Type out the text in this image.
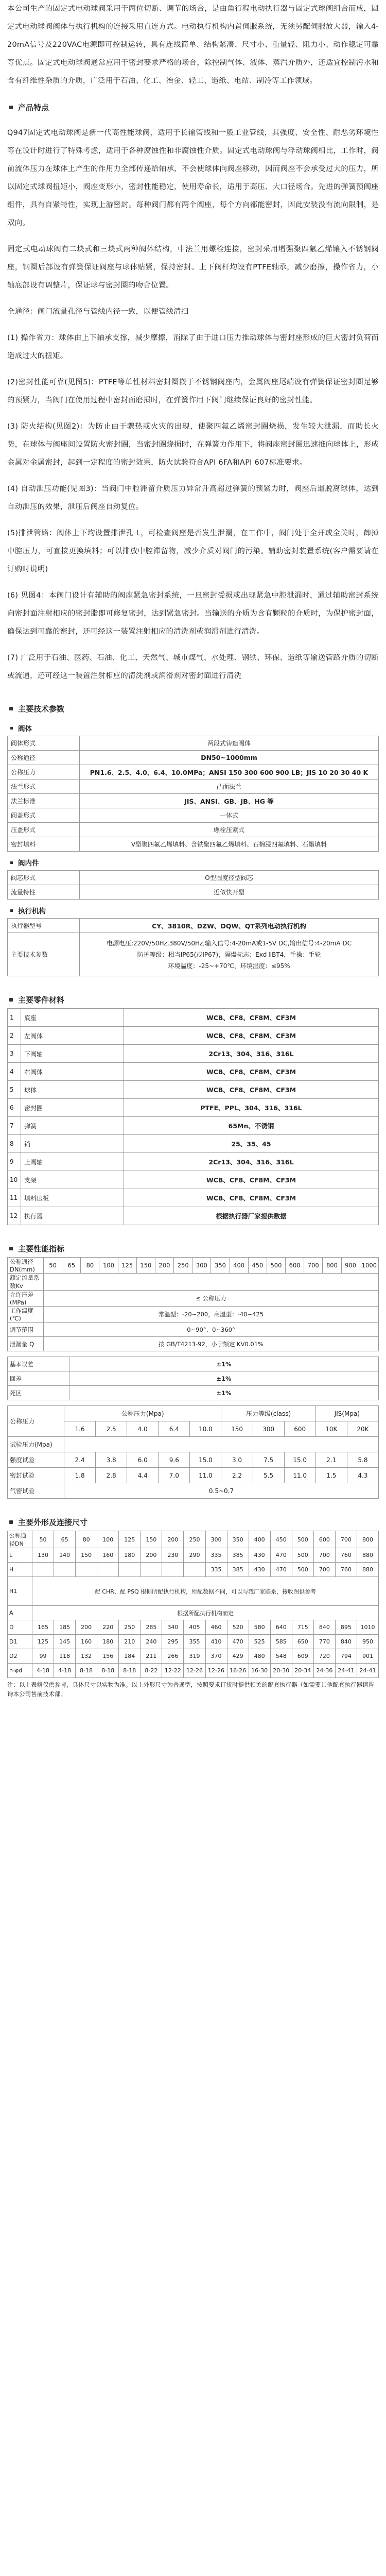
本公司生产的固定式电动球阀采用于两位切断、调节的场合，是由角行程电动执行器与固定式球阀组合而成，固定式电动球阀阀体与执行机构的连接采用直连方式。电动执行机构内置伺服系统，无须另配伺服放大器，输入4-20mA信号及220VAC电源即可控制运转，具有连线简单、结构紧凑、尺寸小、重量轻、阻力小、动作稳定可靠等优点。固定式电动球阀通常应用于密封要求严格的场合，除控制气体、液体、蒸汽介质外，还适宜控制污水和含有纤维性杂质的介质，广泛用于石油、化工、冶金、轻工、造纸、电站、制冷等工作领域。

产品特点

Q947固定式电动球阀是新一代高性能球阀，适用于长输管线和一般工业管线，其强度、安全性、耐恶劣环境性等在设计时进行了特殊考虑，适用于各种腐蚀性和非腐蚀性介质。固定式电动球阀与浮动球阀相比，工作时，阀前流体压力在球体上产生的作用力全部传递给轴承，不会使球体向阀座移动，因而阀座不会承受过大的压力，所以固定式球阀扭矩小，阀座变形小，密封性能稳定，使用寿命长，适用于高压、大口径场合。先进的弹簧预阀座组件，具有自紧特性，实现上游密封。每种阀门都有两个阀座，每个方向都能密封，因此安装没有流向限制，是双向。

固定式电动球阀有二块式和三块式两种阀体结构，中法兰用螺栓连接，密封采用增强聚四氟乙烯镶入不锈钢阀座，钢圈后部设有弹簧保证阀座与球体贴紧，保持密封。上下阀杆均设有PTFE轴承，减少磨擦，操作省力，小轴底部设有调整片，保证球与密封圈的吻合位置。

全通径：阀门流量孔径与管线内径一致，以便管线清扫

(1) 操作省力：球体由上下轴承支撑，减少摩擦，消除了由于进口压力推动球体与密封座形成的巨大密封负荷而造成过大的扭矩。

(2)密封性能可靠(见图5)：PTFE等单性材料密封圈嵌于不锈钢阀座内，金属阀座尾端设有弹簧保证密封圈足够的预紧力，当阀门在使用过程中密封面磨损时，在弹簧作用下阀门继续保证良好的密封性能。

(3) 防火结构(见图2)：为防止由于骤热或火灾的出现，使聚四氟乙烯密封圈烧损，发生较大泄漏，而助长火势，在球体与阀座间设置防火密封圈，当密封圈烧损时，在弹簧力作用下，将阀座密封圈迅速推向球体上，形成金属对金属密封，起到一定程度的密封效果，防火试验符合API 6FA和API 607标准要求。

(4) 自动泄压功能(见图3)：当阀门中腔滞留介质压力异常升高超过弹簧的预紧力时，阀座后退脱离球体，达到自动泄压的效果，泄压后阀座自动复位。

(5)排泄管路：阀体上下均设置排泄孔 L，可检查阀座是否发生泄漏，在工作中，阀门处于全开或全关时，卸掉中腔压力，可直接更换填料；可以排放中腔滞留物，减少介质对阀门的污染。辅助密封装置系统(客户需要请在订购时说明)

(6) 见图4：本阀门设计有辅助的阀座紧急密封系统，一旦密封受损或出现紧急中腔泄漏时，通过辅助密封系统向密封面注射相应的密封脂即可修复密封，达到紧急密封。当输送的介质为含有颗粒的介质时，为保护密封面，确保达到可靠的密封，还可经这一装置注射相应的清洗剂或润滑剂进行清洗。

(7) 广泛用于石油、医药、石油、化工、天然气、城市煤气、水处理、钢铁、环保、造纸等输送管路介质的切断或流通，还可经这一装置注射相应的清洗剂或润滑剂对密封面进行清洗

主要技术参数
阀体
阀体形式	两段式铸造阀体
公称通径	DN50~1000mm
公称压力	PN1.6、2.5、4.0、6.4、10.0MPa；ANSI 150 300 600 900 LB；JIS 10 20 30 40 K
法兰形式	凸面法兰
法兰标准	JIS、ANSI、GB、JB、HG 等
阀盖形式	一体式
压盖形式	螺栓压紧式
密封填料	V型聚四氟乙烯填料、含铁聚四氟乙烯填料、石棉浸四氟填料、石墨填料
阀内件
阀芯形式	O型圆度径型阀芯
流量特性	近似快开型
执行机构
执行器型号	CY、3810R、DZW、DQW、QT系列电动执行机构
主要技术参数	电源电压:220V/50Hz,380V/50Hz,输入信号:4-20mA或1-5V DC,输出信号:4-20mA DC
防护等级：相当IP65(或IP67)，隔爆标志：Exd ⅡBT4，手操：手轮
环境温度：-25~+70℃，环境湿度：≤95%
主要零件材料
1	底座	WCB、CF8、CF8M、CF3M
2	左阀体	WCB、CF8、CF8M、CF3M
3	下阀轴	2Cr13、304、316、316L
4	右阀体	WCB、CF8、CF8M、CF3M
5	球体	WCB、CF8、CF8M、CF3M
6	密封圈	PTFE、PPL、304、316、316L
7	弹簧	65Mn、不锈钢
8	销	25、35、45
9	上阀轴	2Cr13、304、316、316L
10	支架	WCB、CF8、CF8M、CF3M
11	填料压板	WCB、CF8、CF8M、CF3M
12	执行器	根据执行器厂家提供数据
主要性能指标
公称通径DN(mm)	50	65	80	100	125	150	200	250	300	350	400	450	500	600	700	800	900	1000
额定流量系数Kv																		
允许压差(MPa)	≤ 公称压力																	
工作温度(℃)	常温型：-20~200，高温型：-40~425																	
调节范围	0~90°、0~360°																	
泄漏量 Q	按 GB/T4213-92，小于额定 KV0.01%																	
基本误差	±1%
回差	±1%
死区	±1%
公称压力	公称压力(Mpa)					压力等级(class)			JIS(Mpa)	
	1.6	2.5	4.0	6.4	10.0	150	300	600	10K	20K
试验压力(Mpa)										
强度试验	2.4	3.8	6.0	9.6	15.0	3.0	7.5	15.0	2.1	5.8
密封试验	1.8	2.8	4.4	7.0	11.0	2.2	5.5	11.0	1.5	4.3
气密试验	0.5~0.7									
主要外形及连接尺寸
公称通径DN	50	65	80	100	125	150	200	250	300	350	400	450	500	600	700	800
L	130	140	150	160	180	200	230	290	335	385	430	470	500	700	760	880
H									335	385	430	470	500	700	760	880
H1	配 CHR、配 PSQ 根据所配执行机构，所配数据不同，可以与我厂家联系，接收图供参考															
A	根据所配执行机构而定															
D	165	185	200	220	250	285	340	405	460	520	580	640	715	840	895	1010
D1	125	145	160	180	210	240	295	355	410	470	525	585	650	770	840	950
D2	99	118	132	156	184	211	266	319	370	429	480	548	609	720	794	901
n-φd	4-18	4-18	8-18	8-18	8-18	8-22	12-22	12-26	12-26	16-26	16-30	20-30	20-34	24-36	24-41	24-41

注：以上表格仅供参考，具体尺寸以实物为准。以上外形尺寸为普通型，按照要求订货时提供相关的配套执行器（如需要其他配套执行器请咨询本公司售前技术部。
